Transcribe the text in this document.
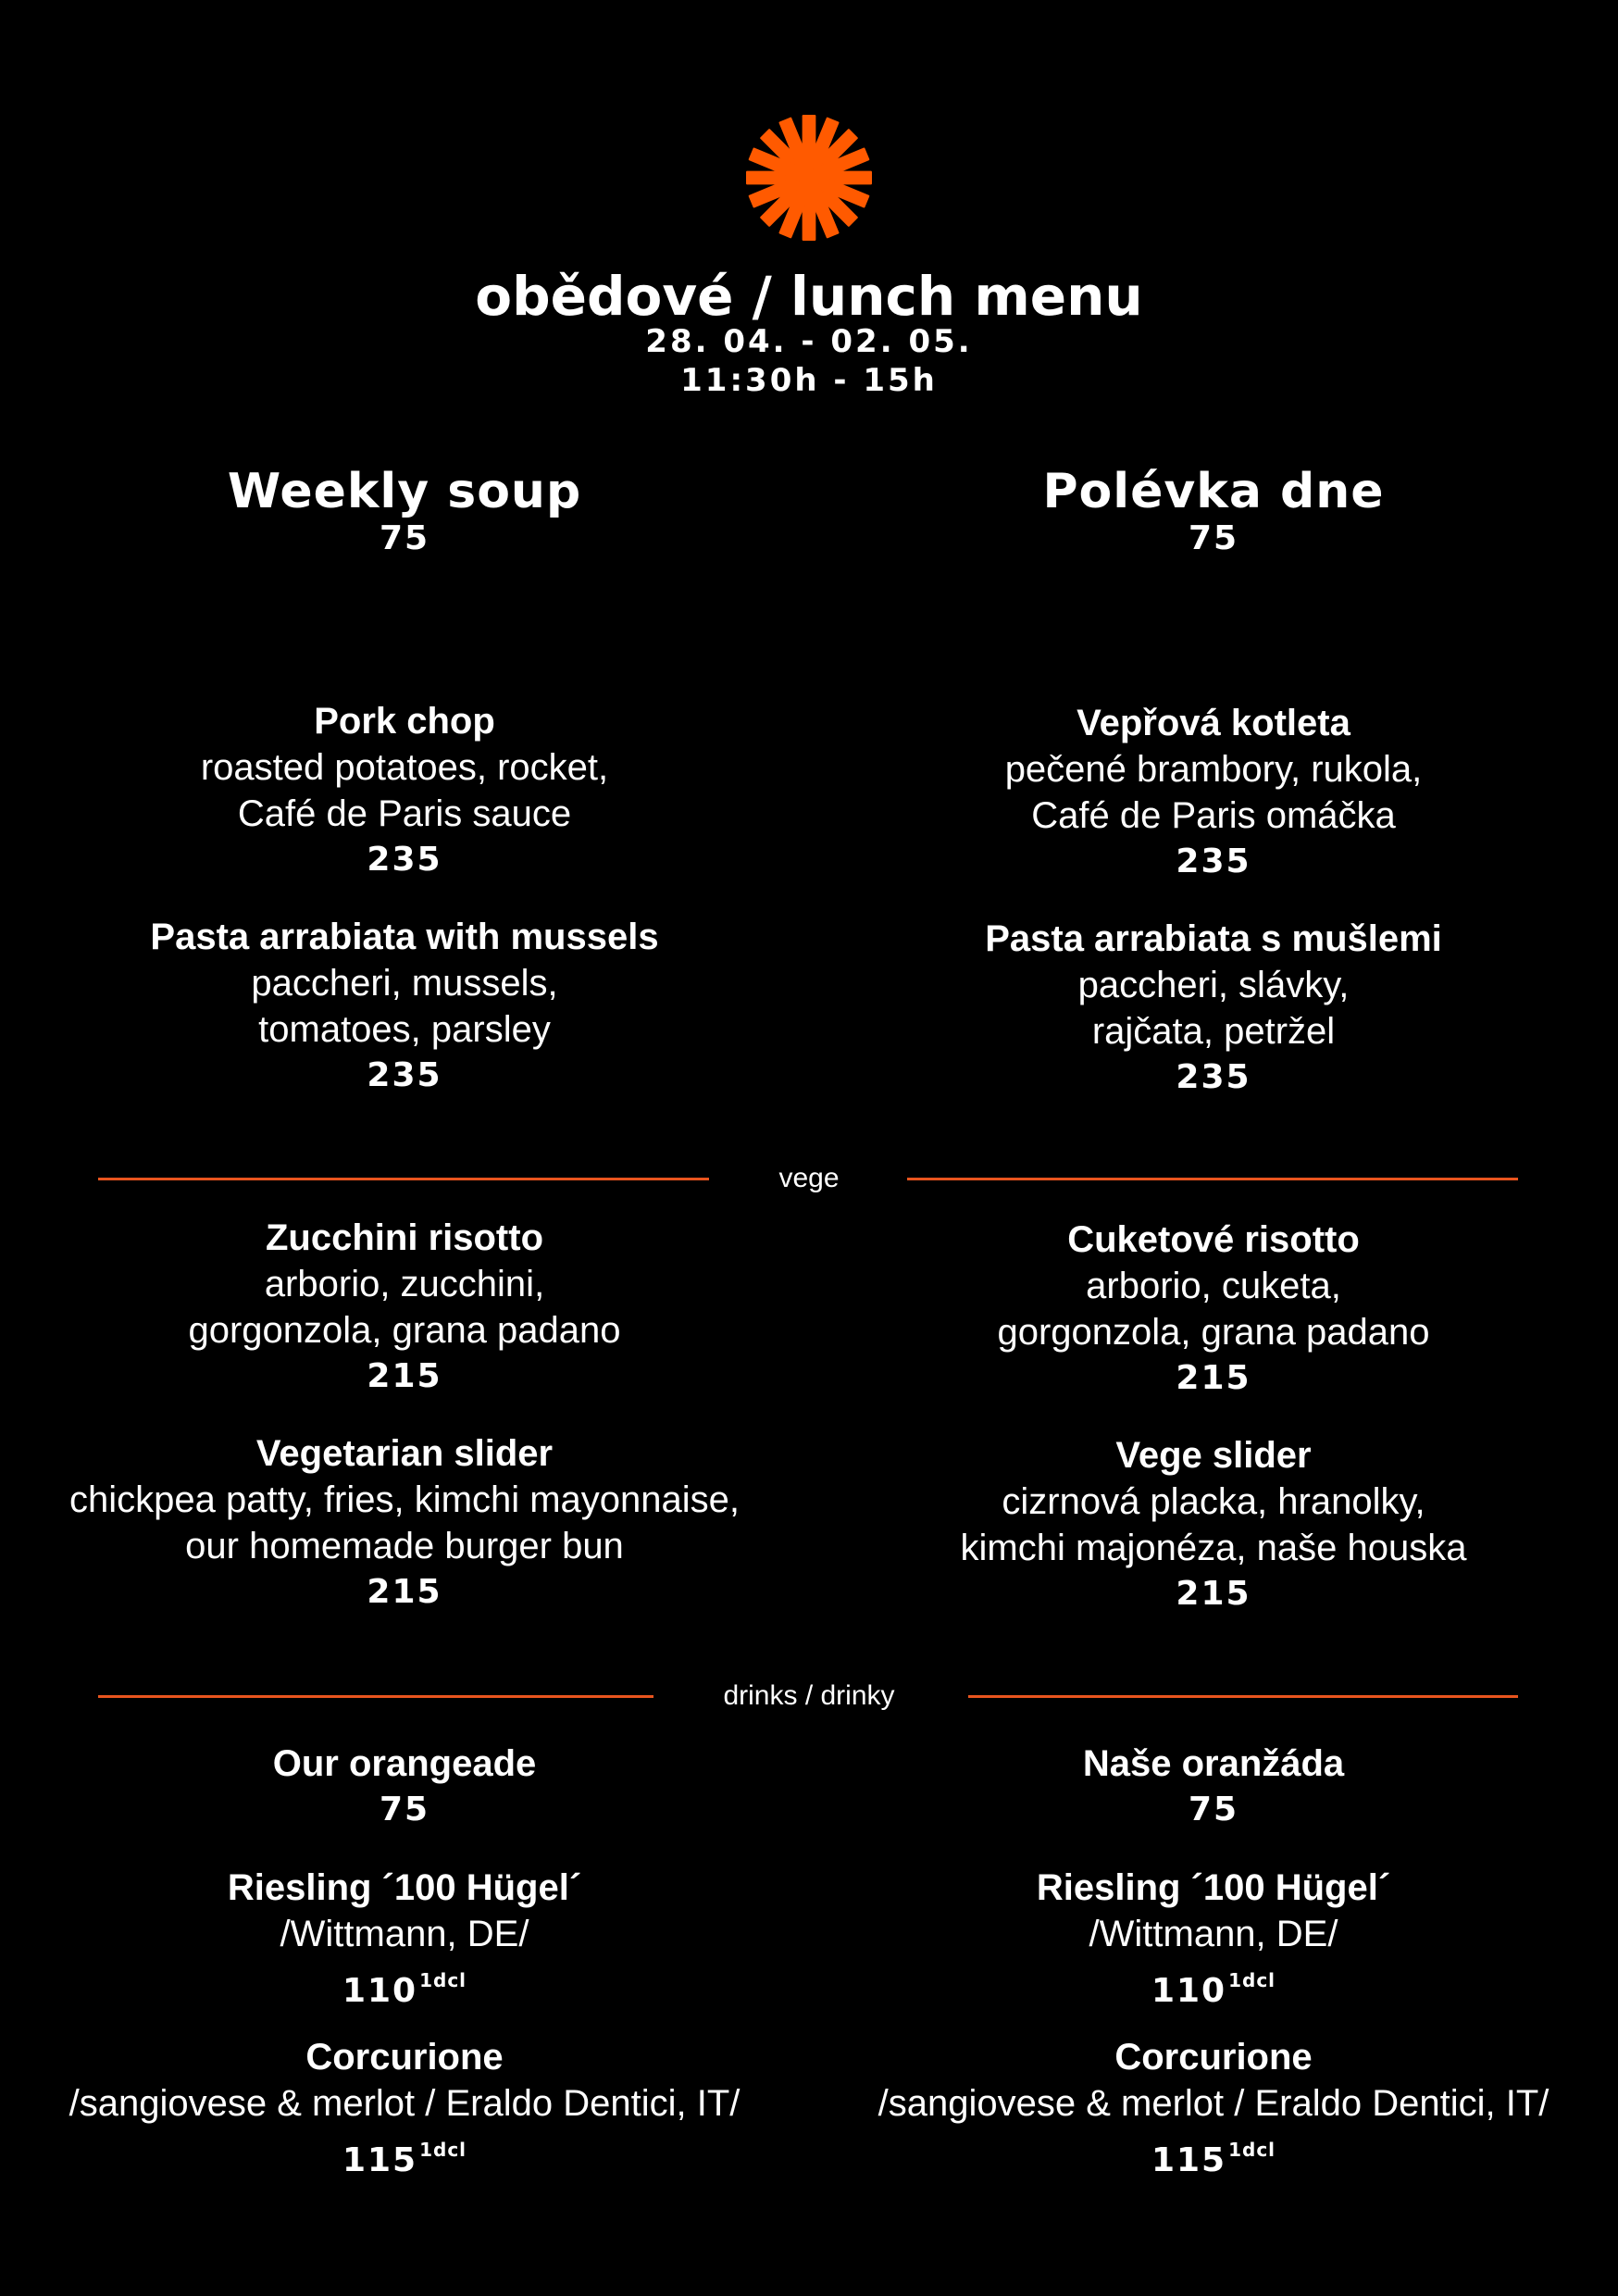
obědové / lunch menu
28. 04. - 02. 05.
11:30h - 15h
Weekly soup
75
Polévka dne
75
Pork chop
roasted potatoes, rocket,
Café de Paris sauce
235
Pasta arrabiata with mussels
paccheri, mussels,
tomatoes, parsley
235
Vepřová kotleta
pečené brambory, rukola,
Café de Paris omáčka
235
Pasta arrabiata s mušlemi
paccheri, slávky,
rajčata, petržel
235
vege
Zucchini risotto
arborio, zucchini,
gorgonzola, grana padano
215
Vegetarian slider
chickpea patty, fries, kimchi mayonnaise,
our homemade burger bun
215
Cuketové risotto
arborio, cuketa,
gorgonzola, grana padano
215
Vege slider
cizrnová placka, hranolky,
kimchi majonéza, naše houska
215
drinks / drinky
Our orangeade
75
Riesling ´100 Hügel´
/Wittmann, DE/
110 $^{1dcl}$
Corcurione
/sangiovese & merlot / Eraldo Dentici, IT/
115 $^{1dcl}$
Naše oranžáda
75
Riesling ´100 Hügel´
/Wittmann, DE/
110 $^{1dcl}$
Corcurione
/sangiovese & merlot / Eraldo Dentici, IT/
115 $^{1dcl}$
